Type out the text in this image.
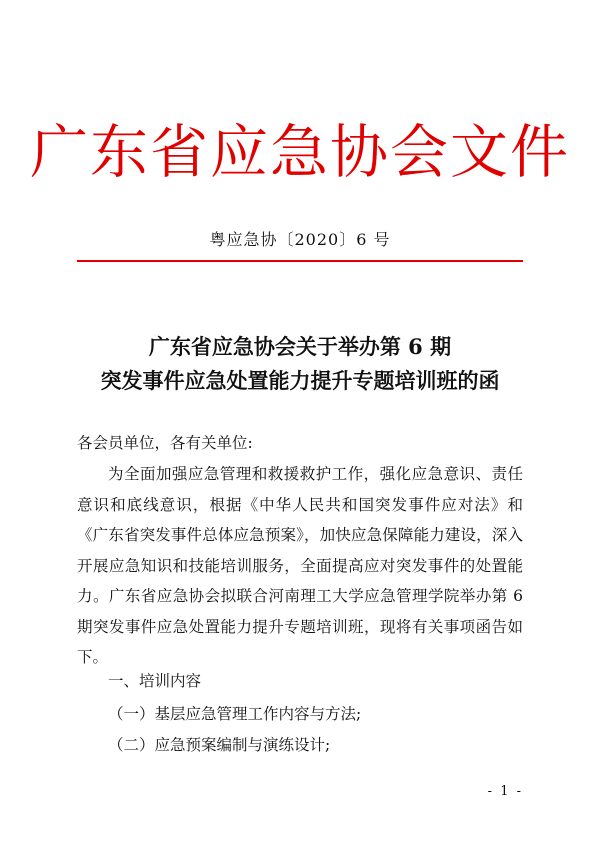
广东省应急协会文件
粤应急协〔2020〕6 号
广东省应急协会关于举办第 6 期
突发事件应急处置能力提升专题培训班的函
各会员单位，各有关单位:
为全面加强应急管理和救援救护工作，强化应急意识、责任意识和底线意识，根据《中华人民共和国突发事件应对法》和《广东省突发事件总体应急预案》，加快应急保障能力建设，深入开展应急知识和技能培训服务，全面提高应对突发事件的处置能力。广东省应急协会拟联合河南理工大学应急管理学院举办第 6 期突发事件应急处置能力提升专题培训班，现将有关事项函告如下。
一、培训内容
（一）基层应急管理工作内容与方法;
（二）应急预案编制与演练设计;
- 1 -
